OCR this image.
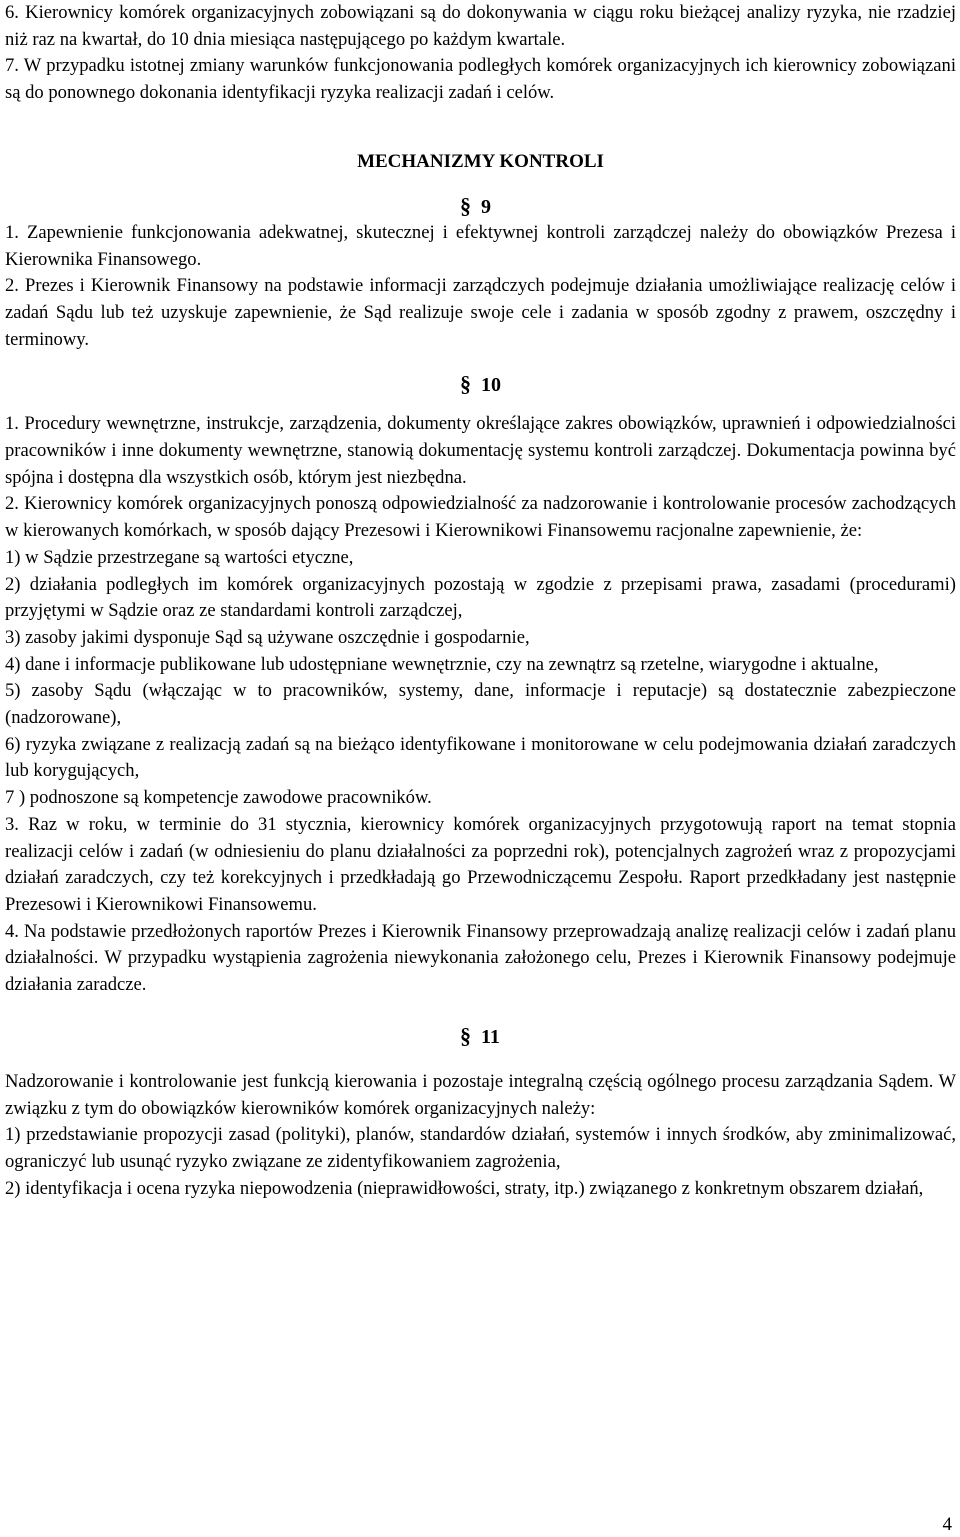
6. Kierownicy komórek organizacyjnych zobowiązani są do dokonywania w ciągu roku bieżącej analizy ryzyka, nie rzadziej niż raz na kwartał, do 10 dnia miesiąca następującego po każdym kwartale.

7. W przypadku istotnej zmiany warunków funkcjonowania podległych komórek organizacyjnych ich kierownicy zobowiązani są do ponownego dokonania identyfikacji ryzyka realizacji zadań i celów.

MECHANIZMY KONTROLI
§ 9

1. Zapewnienie funkcjonowania adekwatnej, skutecznej i efektywnej kontroli zarządczej należy do obowiązków Prezesa i Kierownika Finansowego.

2. Prezes i Kierownik Finansowy na podstawie informacji zarządczych podejmuje działania umożliwiające realizację celów i zadań Sądu lub też uzyskuje zapewnienie, że Sąd realizuje swoje cele i zadania w sposób zgodny z prawem, oszczędny i terminowy.

§ 10

1. Procedury wewnętrzne, instrukcje, zarządzenia, dokumenty określające zakres obowiązków, uprawnień i odpowiedzialności pracowników i inne dokumenty wewnętrzne, stanowią dokumentację systemu kontroli zarządczej. Dokumentacja powinna być spójna i dostępna dla wszystkich osób, którym jest niezbędna.

2. Kierownicy komórek organizacyjnych ponoszą odpowiedzialność za nadzorowanie i kontrolowanie procesów zachodzących w kierowanych komórkach, w sposób dający Prezesowi i Kierownikowi Finansowemu racjonalne zapewnienie, że:

1) w Sądzie przestrzegane są wartości etyczne,

2) działania podległych im komórek organizacyjnych pozostają w zgodzie z przepisami prawa, zasadami (procedurami) przyjętymi w Sądzie oraz ze standardami kontroli zarządczej,

3) zasoby jakimi dysponuje Sąd są używane oszczędnie i gospodarnie,

4) dane i informacje publikowane lub udostępniane wewnętrznie, czy na zewnątrz są rzetelne, wiarygodne i aktualne,

5) zasoby Sądu (włączając w to pracowników, systemy, dane, informacje i reputacje) są dostatecznie zabezpieczone (nadzorowane),

6) ryzyka związane z realizacją zadań są na bieżąco identyfikowane i monitorowane w celu podejmowania działań zaradczych lub korygujących,

7 ) podnoszone są kompetencje zawodowe pracowników.

3. Raz w roku, w terminie do 31 stycznia, kierownicy komórek organizacyjnych przygotowują raport na temat stopnia realizacji celów i zadań (w odniesieniu do planu działalności za poprzedni rok), potencjalnych zagrożeń wraz z propozycjami działań zaradczych, czy też korekcyjnych i przedkładają go Przewodniczącemu Zespołu. Raport przedkładany jest następnie Prezesowi i Kierownikowi Finansowemu.

4. Na podstawie przedłożonych raportów Prezes i Kierownik Finansowy przeprowadzają analizę realizacji celów i zadań planu działalności. W przypadku wystąpienia zagrożenia niewykonania założonego celu, Prezes i Kierownik Finansowy podejmuje działania zaradcze.

§ 11

Nadzorowanie i kontrolowanie jest funkcją kierowania i pozostaje integralną częścią ogólnego procesu zarządzania Sądem. W związku z tym do obowiązków kierowników komórek organizacyjnych należy:

1) przedstawianie propozycji zasad (polityki), planów, standardów działań, systemów i innych środków, aby zminimalizować, ograniczyć lub usunąć ryzyko związane ze zidentyfikowaniem zagrożenia,

2) identyfikacja i ocena ryzyka niepowodzenia (nieprawidłowości, straty, itp.) związanego z konkretnym obszarem działań,

4
